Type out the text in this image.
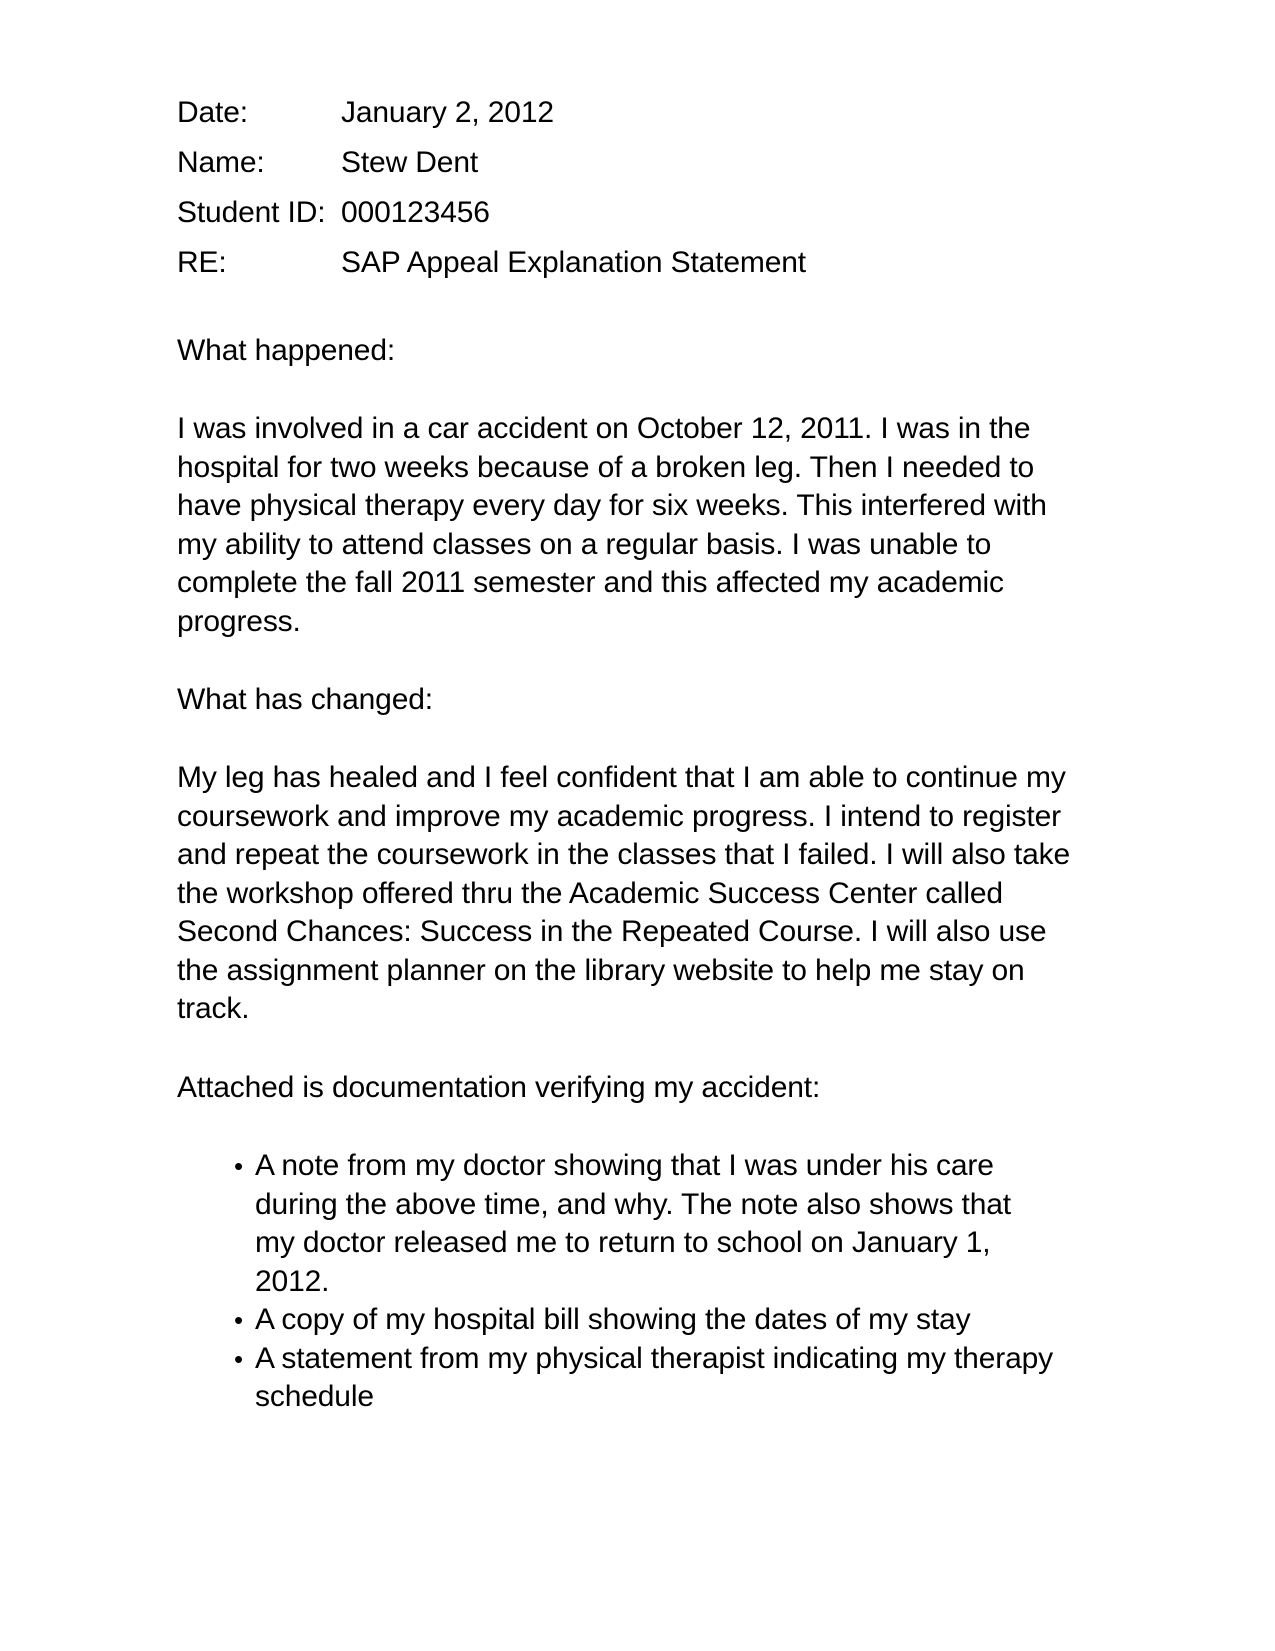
Date:	January 2, 2012
Name:	Stew Dent
Student ID: 000123456
RE:	SAP Appeal Explanation Statement

What happened:

I was involved in a car accident on October 12, 2011. I was in the hospital for two weeks because of a broken leg. Then I needed to have physical therapy every day for six weeks. This interfered with my ability to attend classes on a regular basis. I was unable to complete the fall 2011 semester and this affected my academic progress.

What has changed:

My leg has healed and I feel confident that I am able to continue my coursework and improve my academic progress. I intend to register and repeat the coursework in the classes that I failed. I will also take the workshop offered thru the Academic Success Center called Second Chances: Success in the Repeated Course. I will also use the assignment planner on the library website to help me stay on track.

Attached is documentation verifying my accident:

• A note from my doctor showing that I was under his care during the above time, and why. The note also shows that my doctor released me to return to school on January 1, 2012.
• A copy of my hospital bill showing the dates of my stay
• A statement from my physical therapist indicating my therapy schedule
